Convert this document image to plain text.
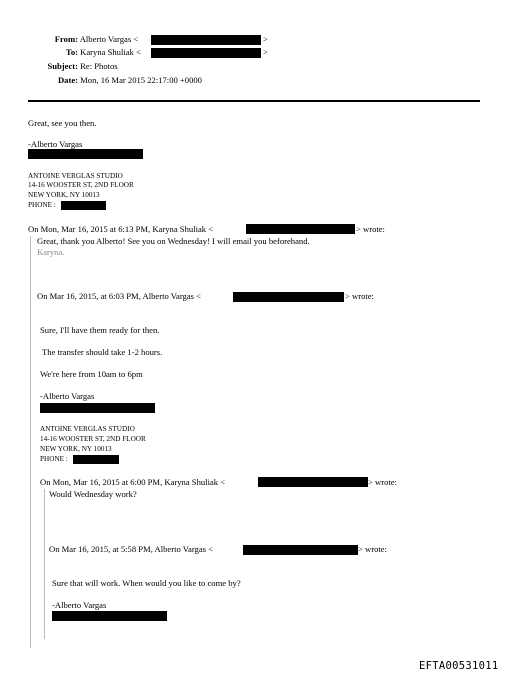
From: Alberto Vargas <	>
To: Karyna Shuliak <	>
Subject: Re: Photos
Date: Mon, 16 Mar 2015 22:17:00 +0000
Great, see you then.
-Alberto Vargas
ANTOINE VERGLAS STUDIO
14-16 WOOSTER ST, 2ND FLOOR
NEW YORK, NY 10013
PHONE :
On Mon, Mar 16, 2015 at 6:13 PM, Karyna Shuliak <	> wrote:
Great, thank you Alberto! See you on Wednesday! I will email you beforehand.
Karyna.
On Mar 16, 2015, at 6:03 PM, Alberto Vargas <	> wrote:
Sure, I'll have them ready for then.
The transfer should take 1-2 hours.
We're here from 10am to 6pm
-Alberto Vargas
ANTOINE VERGLAS STUDIO
14-16 WOOSTER ST, 2ND FLOOR
NEW YORK, NY 10013
PHONE :
On Mon, Mar 16, 2015 at 6:00 PM, Karyna Shuliak <	> wrote:
Would Wednesday work?
On Mar 16, 2015, at 5:58 PM, Alberto Vargas <	> wrote:
Sure that will work. When would you like to come by?
-Alberto Vargas
EFTA00531011
